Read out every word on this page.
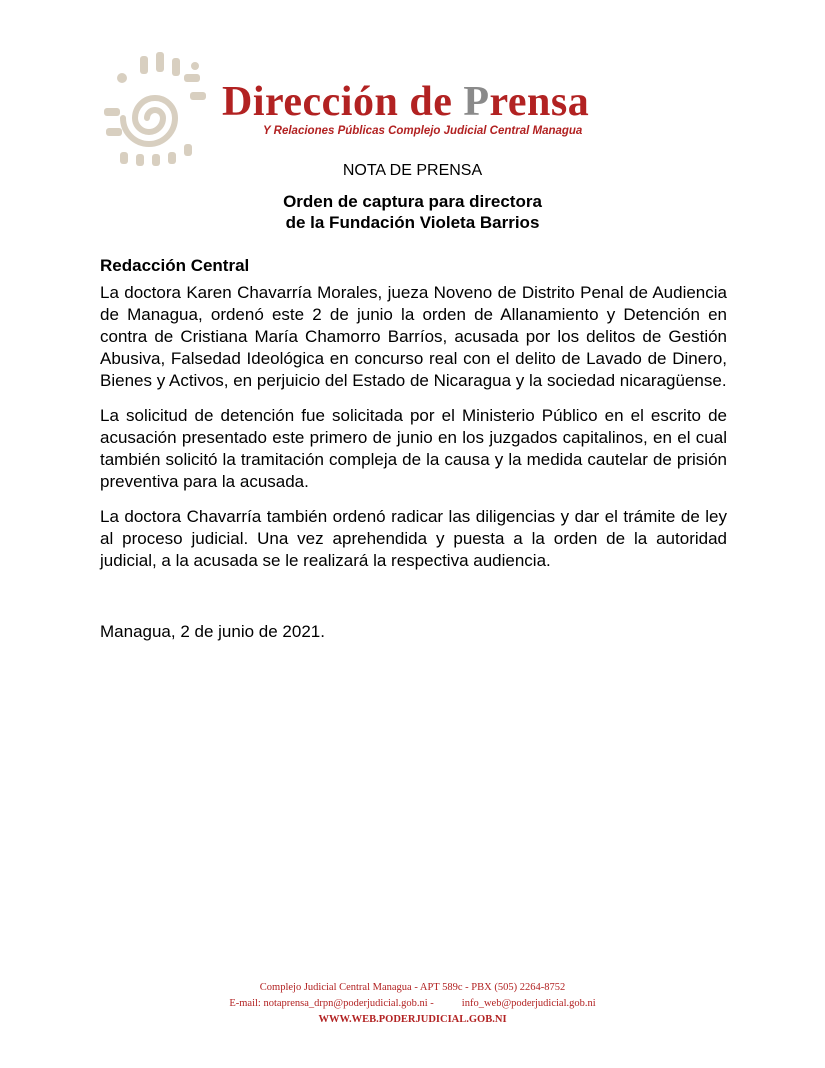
Dirección de Prensa
Y Relaciones Públicas Complejo Judicial Central Managua
NOTA DE PRENSA
Orden de captura para directora
de la Fundación Violeta Barrios
Redacción Central

La doctora Karen Chavarría Morales, jueza Noveno de Distrito Penal de Audiencia de Managua, ordenó este 2 de junio la orden de Allanamiento y Detención en contra de Cristiana María Chamorro Barríos, acusada por los delitos de Gestión Abusiva, Falsedad Ideológica en concurso real con el delito de Lavado de Dinero, Bienes y Activos, en perjuicio del Estado de Nicaragua y la sociedad nicaragüense.

La solicitud de detención fue solicitada por el Ministerio Público en el escrito de acusación presentado este primero de junio en los juzgados capitalinos, en el cual también solicitó la tramitación compleja de la causa y la medida cautelar de prisión preventiva para la acusada.

La doctora Chavarría también ordenó radicar las diligencias y dar el trámite de ley al proceso judicial. Una vez aprehendida y puesta a la orden de la autoridad judicial, a la acusada se le realizará la respectiva audiencia.

Managua, 2 de junio de 2021.
Complejo Judicial Central Managua - APT 589c - PBX (505) 2264-8752
E-mail: notaprensa_drpn@poderjudicial.gob.ni -	info_web@poderjudicial.gob.ni
WWW.WEB.PODERJUDICIAL.GOB.NI
